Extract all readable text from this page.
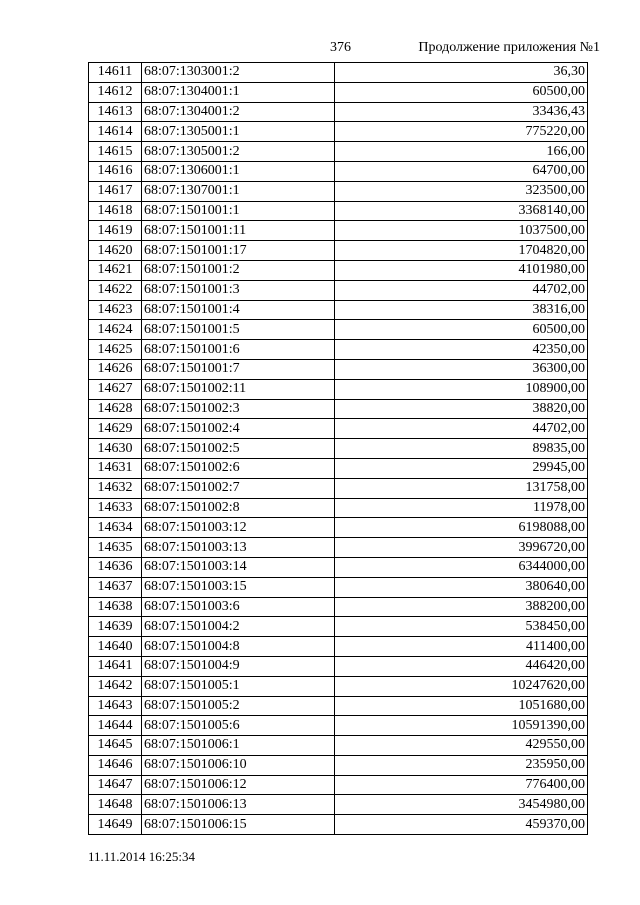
376	Продолжение приложения №1
14611	68:07:1303001:2	36,30
14612	68:07:1304001:1	60500,00
14613	68:07:1304001:2	33436,43
14614	68:07:1305001:1	775220,00
14615	68:07:1305001:2	166,00
14616	68:07:1306001:1	64700,00
14617	68:07:1307001:1	323500,00
14618	68:07:1501001:1	3368140,00
14619	68:07:1501001:11	1037500,00
14620	68:07:1501001:17	1704820,00
14621	68:07:1501001:2	4101980,00
14622	68:07:1501001:3	44702,00
14623	68:07:1501001:4	38316,00
14624	68:07:1501001:5	60500,00
14625	68:07:1501001:6	42350,00
14626	68:07:1501001:7	36300,00
14627	68:07:1501002:11	108900,00
14628	68:07:1501002:3	38820,00
14629	68:07:1501002:4	44702,00
14630	68:07:1501002:5	89835,00
14631	68:07:1501002:6	29945,00
14632	68:07:1501002:7	131758,00
14633	68:07:1501002:8	11978,00
14634	68:07:1501003:12	6198088,00
14635	68:07:1501003:13	3996720,00
14636	68:07:1501003:14	6344000,00
14637	68:07:1501003:15	380640,00
14638	68:07:1501003:6	388200,00
14639	68:07:1501004:2	538450,00
14640	68:07:1501004:8	411400,00
14641	68:07:1501004:9	446420,00
14642	68:07:1501005:1	10247620,00
14643	68:07:1501005:2	1051680,00
14644	68:07:1501005:6	10591390,00
14645	68:07:1501006:1	429550,00
14646	68:07:1501006:10	235950,00
14647	68:07:1501006:12	776400,00
14648	68:07:1501006:13	3454980,00
14649	68:07:1501006:15	459370,00
11.11.2014 16:25:34
